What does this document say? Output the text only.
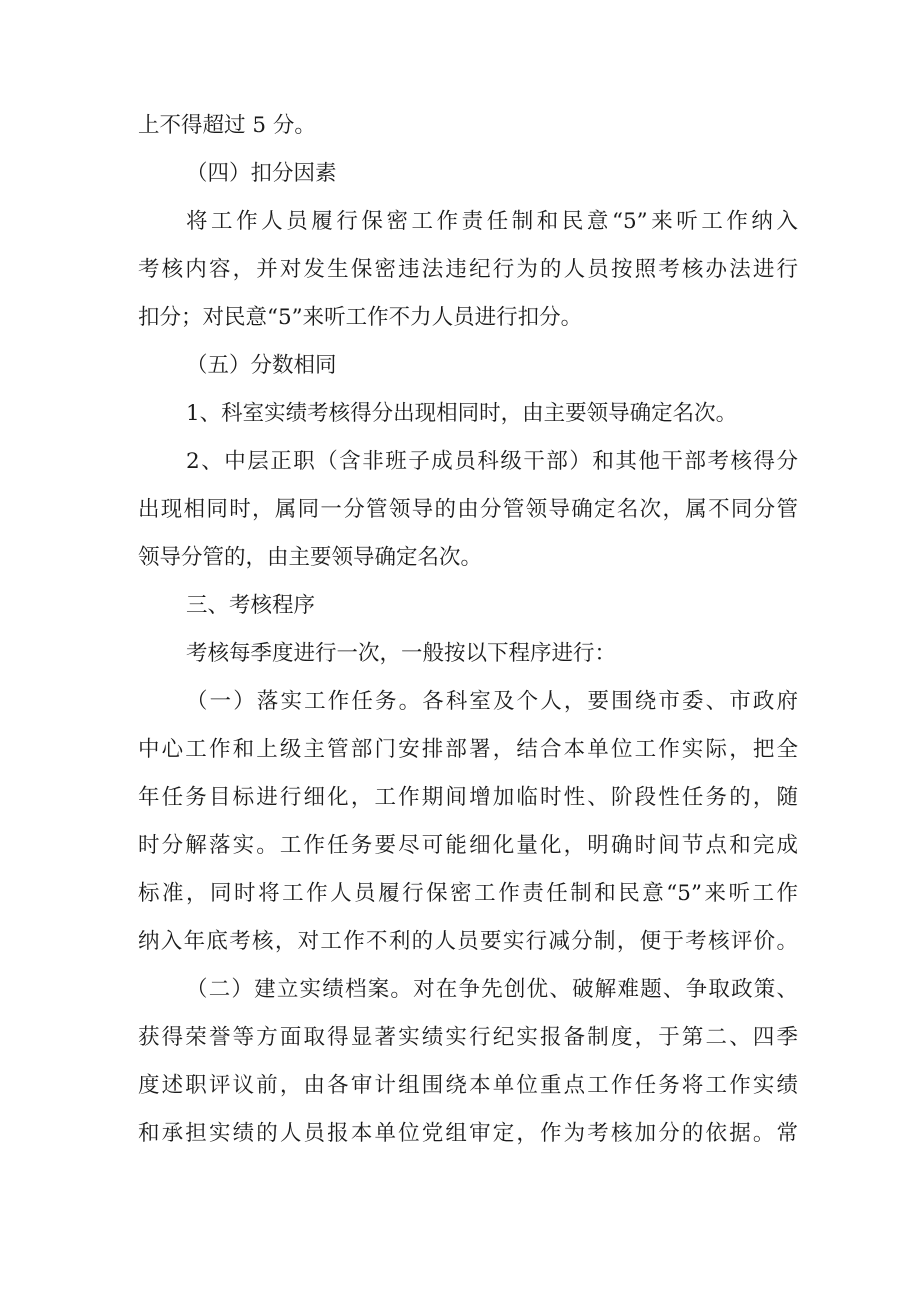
上不得超过 5 分。
（四）扣分因素
将工作人员履行保密工作责任制和民意“5”来听工作纳入
考核内容，并对发生保密违法违纪行为的人员按照考核办法进行
扣分；对民意“5”来听工作不力人员进行扣分。
（五）分数相同
1、科室实绩考核得分出现相同时，由主要领导确定名次。
2、中层正职（含非班子成员科级干部）和其他干部考核得分
出现相同时，属同一分管领导的由分管领导确定名次，属不同分管
领导分管的，由主要领导确定名次。
三、考核程序
考核每季度进行一次，一般按以下程序进行：
（一）落实工作任务。各科室及个人，要围绕市委、市政府
中心工作和上级主管部门安排部署，结合本单位工作实际，把全
年任务目标进行细化，工作期间增加临时性、阶段性任务的，随
时分解落实。工作任务要尽可能细化量化，明确时间节点和完成
标准，同时将工作人员履行保密工作责任制和民意“5”来听工作
纳入年底考核，对工作不利的人员要实行减分制，便于考核评价。
（二）建立实绩档案。对在争先创优、破解难题、争取政策、
获得荣誉等方面取得显著实绩实行纪实报备制度，于第二、四季
度述职评议前，由各审计组围绕本单位重点工作任务将工作实绩
和承担实绩的人员报本单位党组审定，作为考核加分的依据。常
